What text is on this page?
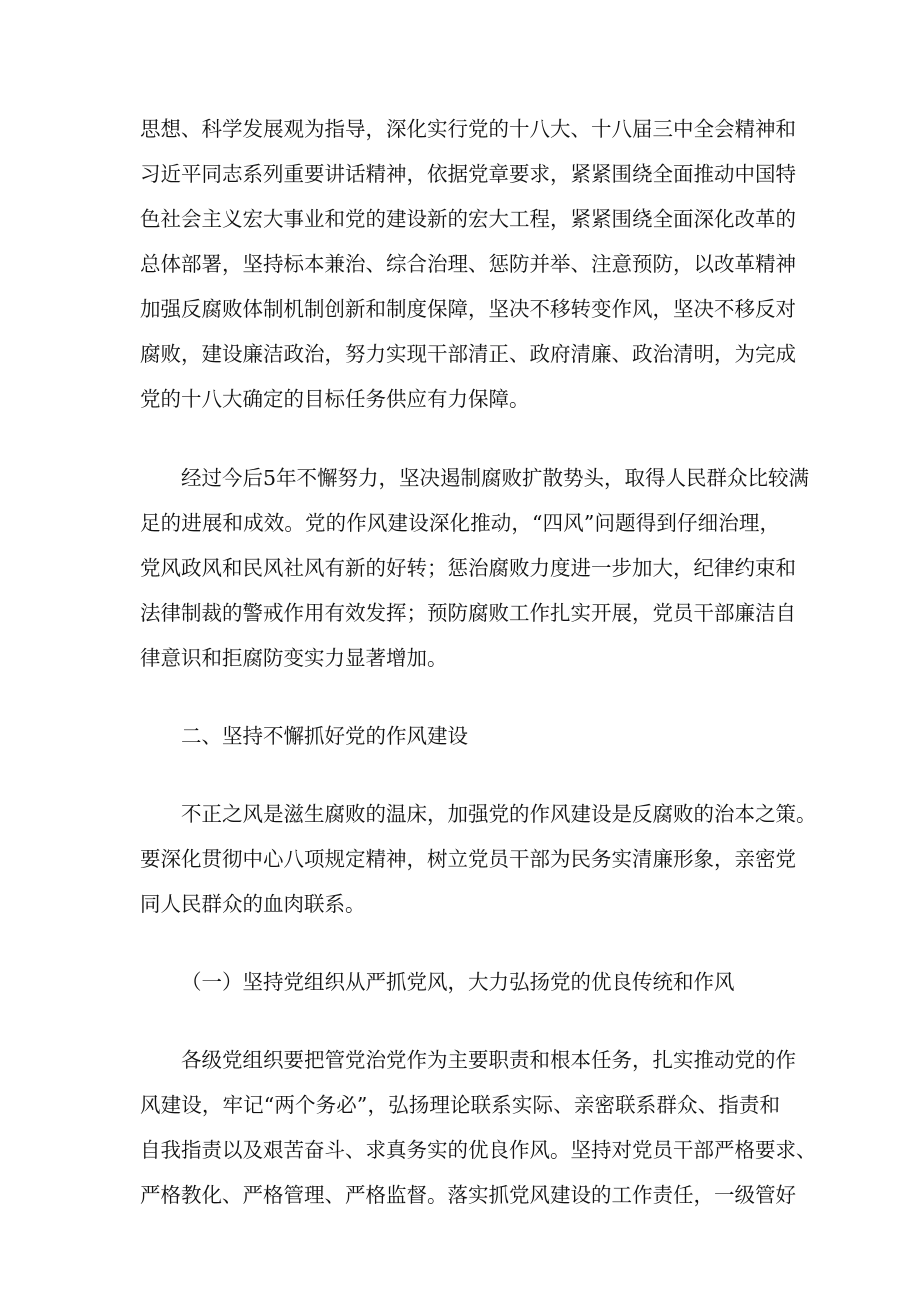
思想、科学发展观为指导，深化实行党的十八大、十八届三中全会精神和
习近平同志系列重要讲话精神，依据党章要求，紧紧围绕全面推动中国特
色社会主义宏大事业和党的建设新的宏大工程，紧紧围绕全面深化改革的
总体部署，坚持标本兼治、综合治理、惩防并举、注意预防，以改革精神
加强反腐败体制机制创新和制度保障，坚决不移转变作风，坚决不移反对
腐败，建设廉洁政治，努力实现干部清正、政府清廉、政治清明，为完成
党的十八大确定的目标任务供应有力保障。
经过今后5年不懈努力，坚决遏制腐败扩散势头，取得人民群众比较满
足的进展和成效。党的作风建设深化推动，“四风”问题得到仔细治理，
党风政风和民风社风有新的好转；惩治腐败力度进一步加大，纪律约束和
法律制裁的警戒作用有效发挥；预防腐败工作扎实开展，党员干部廉洁自
律意识和拒腐防变实力显著增加。
二、坚持不懈抓好党的作风建设
不正之风是滋生腐败的温床，加强党的作风建设是反腐败的治本之策。
要深化贯彻中心八项规定精神，树立党员干部为民务实清廉形象，亲密党
同人民群众的血肉联系。
（一）坚持党组织从严抓党风，大力弘扬党的优良传统和作风
各级党组织要把管党治党作为主要职责和根本任务，扎实推动党的作
风建设，牢记“两个务必”，弘扬理论联系实际、亲密联系群众、指责和
自我指责以及艰苦奋斗、求真务实的优良作风。坚持对党员干部严格要求、
严格教化、严格管理、严格监督。落实抓党风建设的工作责任，一级管好
